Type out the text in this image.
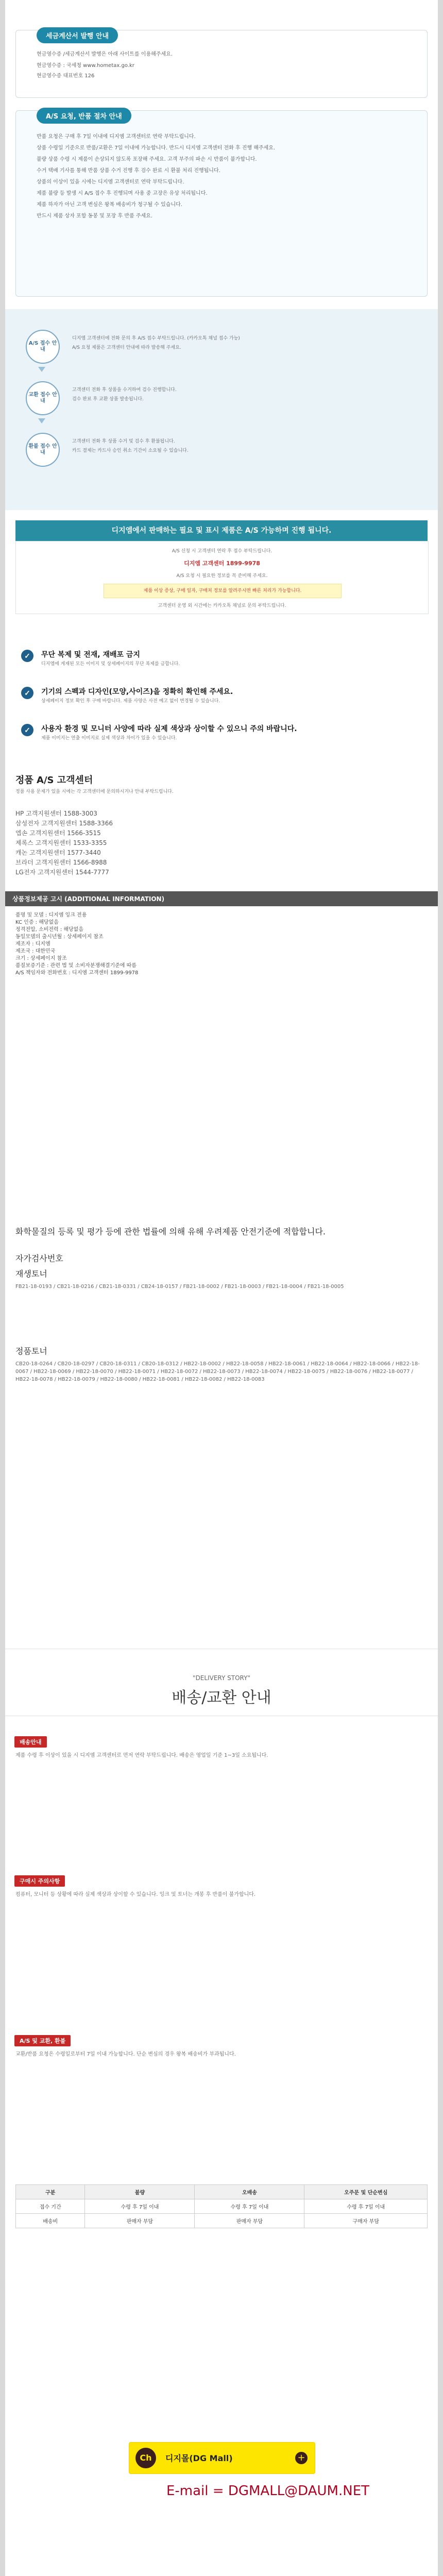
세금계산서 발행 안내
현금영수증 /세금계산서 발행은 아래 사이트를 이용해주세요.
현금영수증 : 국세청 www.hometax.go.kr
현금영수증 대표번호 126
A/S 요청, 반품 절차 안내
반품 요청은 구매 후 7일 이내에 디지엠 고객센터로 연락 부탁드립니다.
상품 수령일 기준으로 반품/교환은 7일 이내에 가능합니다. 반드시 디지엠 고객센터 전화 후 진행 해주세요.
불량 상품 수령 시 제품이 손상되지 않도록 포장해 주세요. 고객 부주의 파손 시 반품이 불가합니다.
수거 택배 기사를 통해 반품 상품 수거 진행 후 검수 완료 시 환불 처리 진행됩니다.
상품의 이상이 있을 시에는 디지엠 고객센터로 연락 부탁드립니다.
제품 불량 등 발생 시 A/S 접수 후 진행되며 사용 중 고장은 유상 처리됩니다.
제품 하자가 아닌 고객 변심은 왕복 배송비가 청구될 수 있습니다.
반드시 제품 상자 포함 동봉 및 포장 후 반품 주세요.
A/S 접수 안내
디지엠 고객센터에 전화 문의 후 A/S 접수 부탁드립니다. (카카오톡 채널 접수 가능)
A/S 요청 제품은 고객센터 안내에 따라 발송해 주세요.
교환 접수 안내
고객센터 전화 후 상품을 수거하여 검수 진행합니다.
검수 완료 후 교환 상품 발송됩니다.
환불 접수 안내
고객센터 전화 후 상품 수거 및 검수 후 환불됩니다.
카드 결제는 카드사 승인 취소 기간이 소요될 수 있습니다.
디지엠에서 판매하는 필요 및 표시 제품은 A/S 가능하며 진행 됩니다.
A/S 신청 시 고객센터 연락 후 접수 부탁드립니다.
디지엠 고객센터 1899-9978
A/S 요청 시 필요한 정보를 꼭 준비해 주세요.
제품 이상 증상, 구매 일자, 구매처 정보를 알려주시면 빠른 처리가 가능합니다.
고객센터 운영 외 시간에는 카카오톡 채널로 문의 부탁드립니다.
✓ 무단 복제 및 전재, 재배포 금지
디지엠에 게재된 모든 이미지 및 상세페이지의 무단 복제를 금합니다.
✓ 기기의 스펙과 디자인(모양,사이즈)을 정확히 확인해 주세요.
상세페이지 정보 확인 후 구매 바랍니다. 제품 사양은 사전 예고 없이 변경될 수 있습니다.
✓ 사용자 환경 및 모니터 사양에 따라 실제 색상과 상이할 수 있으니 주의 바랍니다.
제품 이미지는 연출 이미지로 실제 색상과 차이가 있을 수 있습니다.
정품 A/S 고객센터
정품 사용 문제가 있을 시에는 각 고객센터에 문의하시거나 안내 부탁드립니다.
HP 고객지원센터 1588-3003
삼성전자 고객지원센터 1588-3366
엡손 고객지원센터 1566-3515
제록스 고객지원센터 1533-3355
캐논 고객지원센터 1577-3440
브라더 고객지원센터 1566-8988
LG전자 고객지원센터 1544-7777
상품정보제공 고시 (ADDITIONAL INFORMATION)
품명 및 모델 : 디지엠 잉크 전용
KC 인증 : 해당없음
정격전압, 소비전력 : 해당없음
동일모델의 출시년월 : 상세페이지 참조
제조자 : 디지엠
제조국 : 대한민국
크기 : 상세페이지 참조
품질보증기준 : 관련 법 및 소비자분쟁해결기준에 따름
A/S 책임자와 전화번호 : 디지엠 고객센터 1899-9978
화학물질의 등록 및 평가 등에 관한 법률에 의해 유해 우려제품 안전기준에 적합합니다.
자가검사번호
재생토너
FB21-18-0193 / CB21-18-0216 / CB21-18-0331 / CB24-18-0157 / FB21-18-0002 / FB21-18-0003 / FB21-18-0004 / FB21-18-0005
정품토너
CB20-18-0264 / CB20-18-0297 / CB20-18-0311 / CB20-18-0312 / HB22-18-0002 / HB22-18-0058 / HB22-18-0061 / HB22-18-0064 / HB22-18-0066 / HB22-18-0067 / HB22-18-0069 / HB22-18-0070 / HB22-18-0071 / HB22-18-0072 / HB22-18-0073 / HB22-18-0074 / HB22-18-0075 / HB22-18-0076 / HB22-18-0077 / HB22-18-0078 / HB22-18-0079 / HB22-18-0080 / HB22-18-0081 / HB22-18-0082 / HB22-18-0083
"DELIVERY STORY"
배송/교환 안내
배송안내
제품 수령 후 이상이 있을 시 디지엠 고객센터로 먼저 연락 부탁드립니다. 배송은 영업일 기준 1~3일 소요됩니다.
구매시 주의사항
컴퓨터, 모니터 등 상황에 따라 실제 색상과 상이할 수 있습니다. 잉크 및 토너는 개봉 후 반품이 불가합니다.
A/S 및 교환, 환불
교환/반품 요청은 수령일로부터 7일 이내 가능합니다. 단순 변심의 경우 왕복 배송비가 부과됩니다.
구분	불량	오배송	오주문 및 단순변심
접수 기간	수령 후 7일 이내	수령 후 7일 이내	수령 후 7일 이내
배송비	판매자 부담	판매자 부담	구매자 부담
Ch	디지몰(DG Mall)	+
E-mail = DGMALL@DAUM.NET
